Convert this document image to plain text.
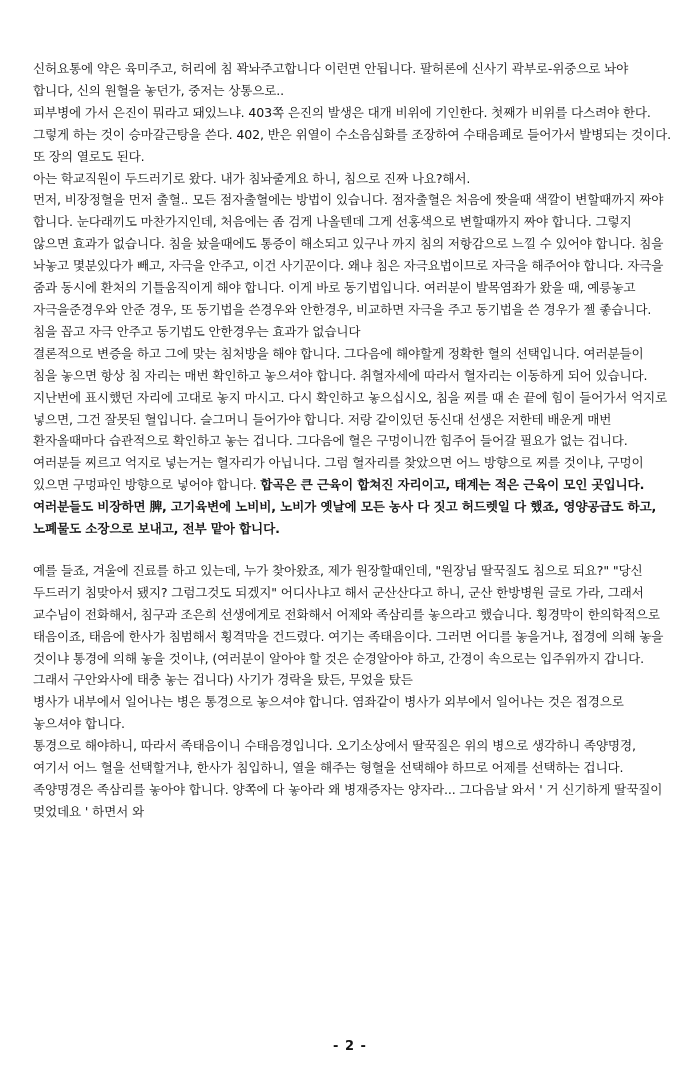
신허요통에 약은 육미주고, 허리에 침 꽉놔주고합니다 이런면 안됩니다. 팔허론에 신사기 곽부로-위중으로 놔야 합니다, 신의 원혈을 놓던가, 중저는 상통으로..

피부병에 가서 은진이 뭐라고 돼있느냐. 403쪽 은진의 발생은 대개 비위에 기인한다. 첫째가 비위를 다스려야 한다. 그렇게 하는 것이 승마갈근탕을 쓴다. 402, 반은 위열이 수소음심화를 조장하여 수태음폐로 들어가서 발병되는 것이다. 또 장의 열로도 된다.

아는 학교직원이 두드러기로 왔다. 내가 침놔줄게요 하니, 침으로 진짜 나요?해서.

먼저, 비장정혈을 먼저 출혈.. 모든 점자출혈에는 방법이 있습니다. 점자출혈은 처음에 짯을때 색깔이 변할때까지 짜야 합니다. 눈다래끼도 마찬가지인데, 처음에는 좀 검게 나올텐데 그게 선홍색으로 변할때까지 짜야 합니다. 그렇지 않으면 효과가 없습니다. 침을 놨을때에도 통증이 해소되고 있구나 까지 침의 저항감으로 느낄 수 있어야 합니다. 침을 놔놓고 몇분있다가 빼고, 자극을 안주고, 이건 사기꾼이다. 왜냐 침은 자극요법이므로 자극을 해주어야 합니다. 자극을 줌과 동시에 환처의 기틀움직이게 해야 합니다. 이게 바로 동기법입니다. 여러분이 발목염좌가 왔을 때, 예릉놓고 자극을준경우와 안준 경우, 또 동기법을 쓴경우와 안한경우, 비교하면 자극을 주고 동기법을 쓴 경우가 젤 좋습니다. 침을 꼽고 자극 안주고 동기법도 안한경우는 효과가 없습니다

결론적으로 변증을 하고 그에 맞는 침처방을 해야 합니다. 그다음에 해야할게 정확한 혈의 선택입니다. 여러분들이 침을 놓으면 항상 침 자리는 매번 확인하고 놓으셔야 합니다. 취혈자세에 따라서 혈자리는 이동하게 되어 있습니다. 지난번에 표시했던 자리에 고대로 놓지 마시고. 다시 확인하고 놓으십시오, 침을 찌를 때 손 끝에 힘이 들어가서 억지로 넣으면, 그건 잘못된 혈입니다. 슬그머니 들어가야 합니다. 저랑 같이있던 동신대 선생은 저한테 배운게 매번 환자올때마다 습관적으로 확인하고 놓는 겁니다. 그다음에 혈은 구멍이니깐 힘주어 들어갈 필요가 없는 겁니다. 여러분들 찌르고 억지로 넣는거는 혈자리가 아닙니다. 그럼 혈자리를 찾았으면 어느 방향으로 찌를 것이냐, 구멍이 있으면 구멍파인 방향으로 넣어야 합니다. 합곡은 큰 근육이 합쳐진 자리이고, 태계는 적은 근육이 모인 곳입니다. 여러분들도 비장하면 脾, 고기육변에 노비비, 노비가 옛날에 모든 농사 다 짓고 허드렛일 다 했죠, 영양공급도 하고, 노폐물도 소장으로 보내고, 전부 맡아 합니다.

예를 들죠, 겨울에 진료를 하고 있는데, 누가 찾아왔죠, 제가 원장할때인데, "원장님 딸꾹질도 침으로 되요?" "당신 두드러기 침맞아서 됐지? 그럼그것도 되겠지" 어디사냐고 해서 군산산다고 하니, 군산 한방병원 글로 가라, 그래서 교수님이 전화해서, 침구과 조은희 선생에게로 전화해서 어제와 족삼리를 놓으라고 했습니다. 횡경막이 한의학적으로 태음이죠, 태음에 한사가 침범해서 횡격막을 건드렸다. 여기는 족태음이다. 그러면 어디를 놓을거냐, 접경에 의해 놓을 것이냐 통경에 의해 놓을 것이냐, (여러분이 알아야 할 것은 순경알아야 하고, 간경이 속으로는 입주위까지 갑니다. 그래서 구안와사에 태충 놓는 겁니다) 사기가 경락을 탔든, 무었을 탔든

병사가 내부에서 일어나는 병은 통경으로 놓으셔야 합니다. 염좌같이 병사가 외부에서 일어나는 것은 접경으로 놓으셔야 합니다.

통경으로 해야하니, 따라서 족태음이니 수태음경입니다. 오기소상에서 딸꾹질은 위의 병으로 생각하니 족양명경, 여기서 어느 혈을 선택할거냐, 한사가 침입하니, 열을 해주는 형혈을 선택해야 하므로 어제를 선택하는 겁니다. 족양명경은 족삼리를 놓아야 합니다. 양쪽에 다 놓아라 왜 병재증자는 양자라... 그다음날 와서 ' 거 신기하게 딸꾹질이 멎었데요 ' 하면서 와

- 2 -
